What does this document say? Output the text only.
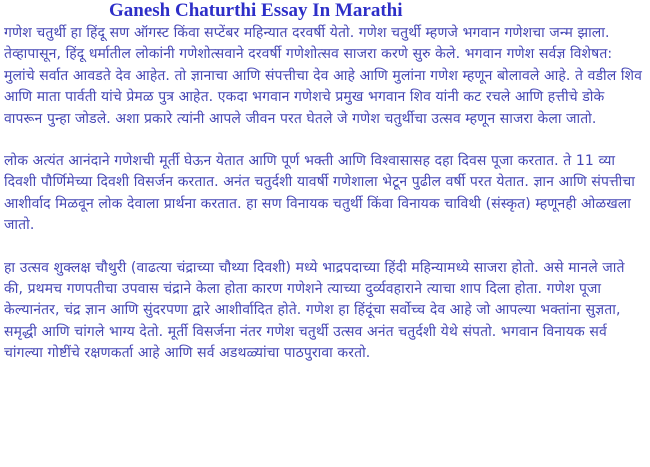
Ganesh Chaturthi Essay In Marathi

गणेश चतुर्थी हा हिंदू सण ऑगस्ट किंवा सप्टेंबर महिन्यात दरवर्षी येतो. गणेश चतुर्थी म्हणजे भगवान गणेशचा जन्म झाला. तेव्हापासून, हिंदू धर्मातील लोकांनी गणेशोत्सवाने दरवर्षी गणेशोत्सव साजरा करणे सुरु केले. भगवान गणेश सर्वज्ञ विशेषत: मुलांचे सर्वात आवडते देव आहेत. तो ज्ञानाचा आणि संपत्तीचा देव आहे आणि मुलांना गणेश म्हणून बोलावले आहे. ते वडील शिव आणि माता पार्वती यांचे प्रेमळ पुत्र आहेत. एकदा भगवान गणेशचे प्रमुख भगवान शिव यांनी कट रचले आणि हत्तीचे डोके वापरून पुन्हा जोडले. अशा प्रकारे त्यांनी आपले जीवन परत घेतले जे गणेश चतुर्थीचा उत्सव म्हणून साजरा केला जातो.

लोक अत्यंत आनंदाने गणेशची मूर्ती घेऊन येतात आणि पूर्ण भक्ती आणि विश्वासासह दहा दिवस पूजा करतात. ते 11 व्या दिवशी पौर्णिमेच्या दिवशी विसर्जन करतात. अनंत चतुर्दशी यावर्षी गणेशाला भेटून पुढील वर्षी परत येतात. ज्ञान आणि संपत्तीचा आशीर्वाद मिळवून लोक देवाला प्रार्थना करतात. हा सण विनायक चतुर्थी किंवा विनायक चाविथी (संस्कृत) म्हणूनही ओळखला जातो.

हा उत्सव शुक्लक्ष चौथुरी (वाढत्या चंद्राच्या चौथ्या दिवशी) मध्ये भाद्रपदाच्या हिंदी महिन्यामध्ये साजरा होतो. असे मानले जाते की, प्रथमच गणपतीचा उपवास चंद्राने केला होता कारण गणेशने त्याच्या दुर्व्यवहाराने त्याचा शाप दिला होता. गणेश पूजा केल्यानंतर, चंद्र ज्ञान आणि सुंदरपणा द्वारे आशीर्वादित होते. गणेश हा हिंदूंचा सर्वोच्च देव आहे जो आपल्या भक्तांना सुज्ञता, समृद्धी आणि चांगले भाग्य देतो. मूर्ती विसर्जना नंतर गणेश चतुर्थी उत्सव अनंत चतुर्दशी येथे संपतो. भगवान विनायक सर्व चांगल्या गोष्टींचे रक्षणकर्ता आहे आणि सर्व अडथळ्यांचा पाठपुरावा करतो.
